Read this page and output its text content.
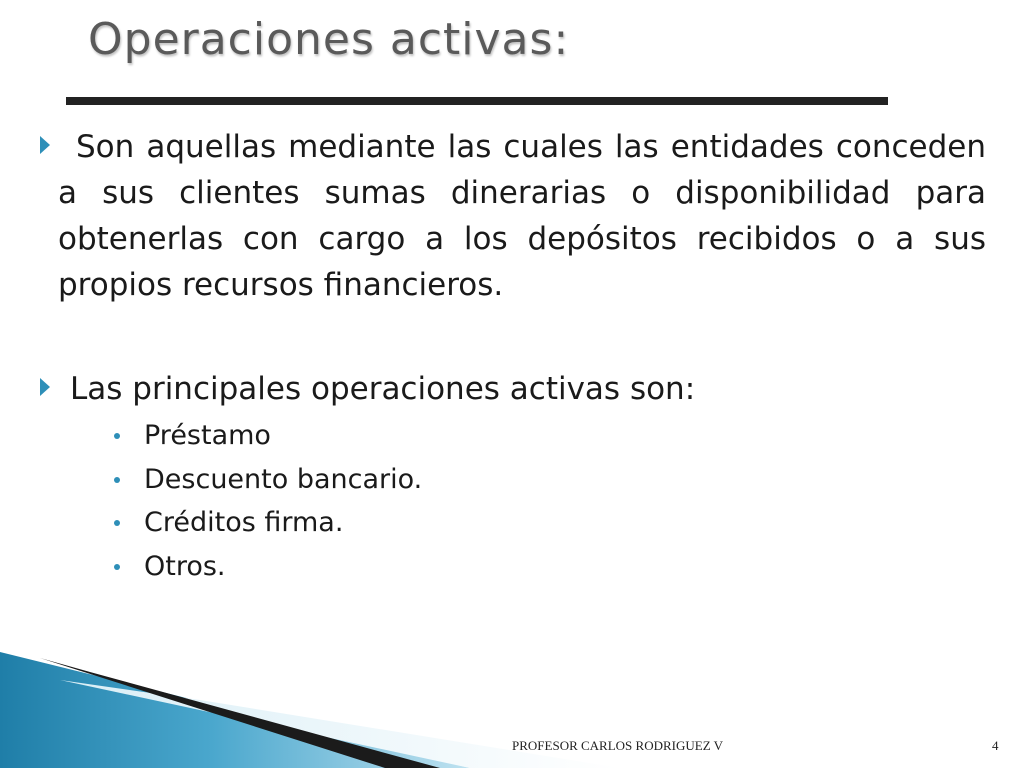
Operaciones activas:
Son aquellas mediante las cuales las entidades conceden a sus clientes sumas dinerarias o disponibilidad para obtenerlas con cargo a los depósitos recibidos o a sus propios recursos financieros.
Las principales operaciones activas son:
Préstamo
Descuento bancario.
Créditos firma.
Otros.
PROFESOR CARLOS RODRIGUEZ V	4
